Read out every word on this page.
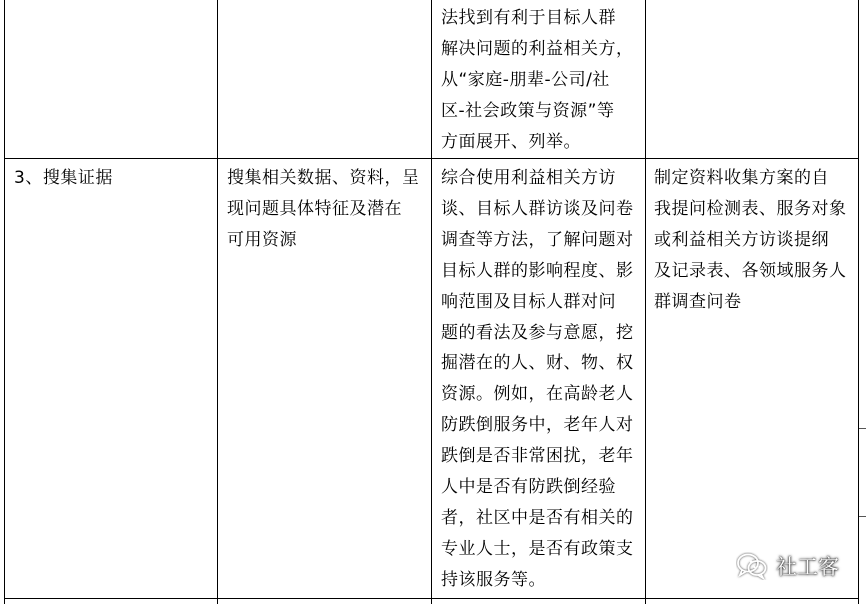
法找到有利于目标人群
解决问题的利益相关方，
从“家庭-朋辈-公司/社
区-社会政策与资源”等
方面展开、列举。
3、搜集证据	搜集相关数据、资料，呈
现问题具体特征及潜在
可用资源
综合使用利益相关方访
谈、目标人群访谈及问卷
调查等方法，了解问题对
目标人群的影响程度、影
响范围及目标人群对问
题的看法及参与意愿，挖
掘潜在的人、财、物、权
资源。例如，在高龄老人
防跌倒服务中，老年人对
跌倒是否非常困扰，老年
人中是否有防跌倒经验
者，社区中是否有相关的
专业人士，是否有政策支
持该服务等。
制定资料收集方案的自
我提问检测表、服务对象
或利益相关方访谈提纲
及记录表、各领域服务人
群调查问卷
社工客
